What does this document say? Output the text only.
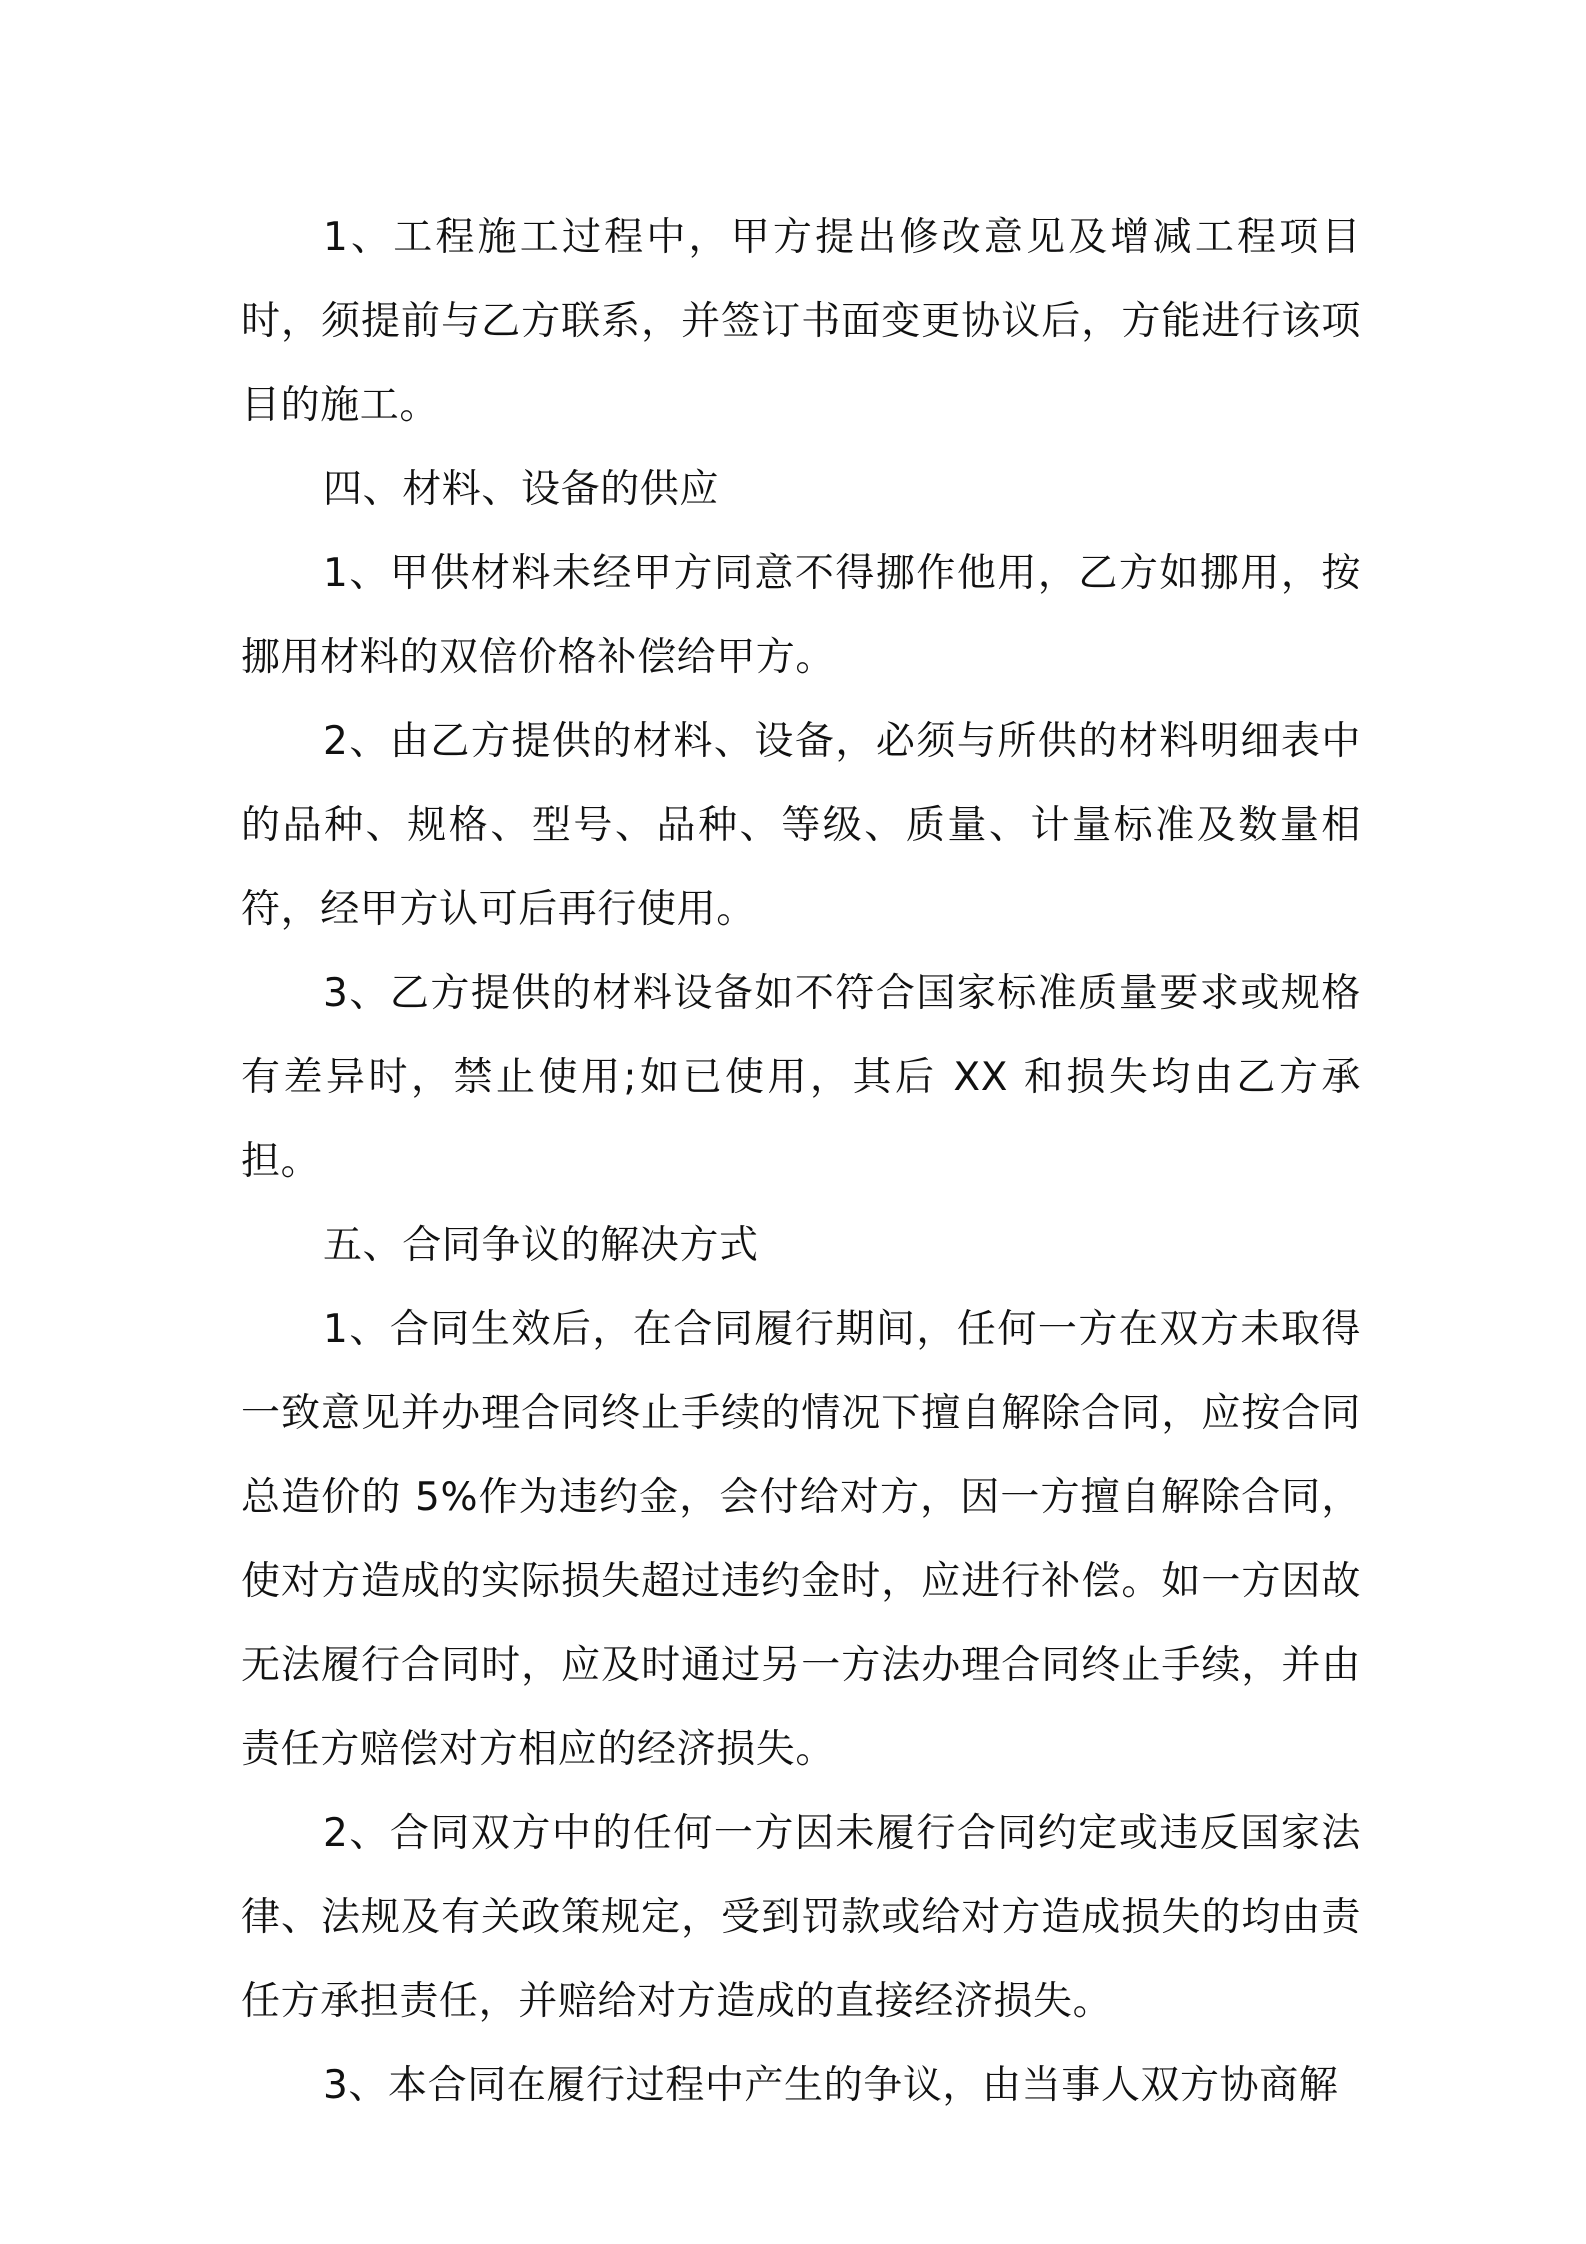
1、工程施工过程中，甲方提出修改意见及增减工程项目时，须提前与乙方联系，并签订书面变更协议后，方能进行该项目的施工。

四、材料、设备的供应

1、甲供材料未经甲方同意不得挪作他用，乙方如挪用，按挪用材料的双倍价格补偿给甲方。

2、由乙方提供的材料、设备，必须与所供的材料明细表中的品种、规格、型号、品种、等级、质量、计量标准及数量相符，经甲方认可后再行使用。

3、乙方提供的材料设备如不符合国家标准质量要求或规格有差异时，禁止使用;如已使用，其后 XX 和损失均由乙方承担。

五、合同争议的解决方式

1、合同生效后，在合同履行期间，任何一方在双方未取得一致意见并办理合同终止手续的情况下擅自解除合同，应按合同总造价的 5%作为违约金，会付给对方，因一方擅自解除合同，使对方造成的实际损失超过违约金时，应进行补偿。如一方因故无法履行合同时，应及时通过另一方法办理合同终止手续，并由责任方赔偿对方相应的经济损失。

2、合同双方中的任何一方因未履行合同约定或违反国家法律、法规及有关政策规定，受到罚款或给对方造成损失的均由责任方承担责任，并赔给对方造成的直接经济损失。

3、本合同在履行过程中产生的争议，由当事人双方协商解
